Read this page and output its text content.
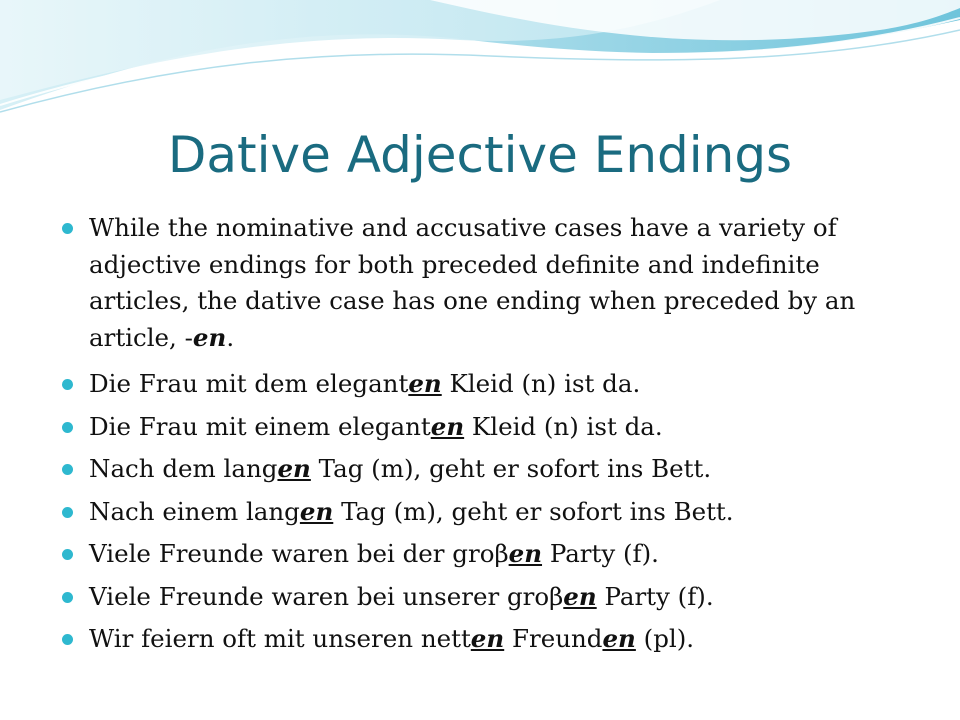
Dative Adjective Endings
While the nominative and accusative cases have a variety of adjective endings for both preceded definite and indefinite articles, the dative case has one ending when preceded by an article, -en.
Die Frau mit dem eleganten Kleid (n) ist da.
Die Frau mit einem eleganten Kleid (n) ist da.
Nach dem langen Tag (m), geht er sofort ins Bett.
Nach einem langen Tag (m), geht er sofort ins Bett.
Viele Freunde waren bei der groβen Party (f).
Viele Freunde waren bei unserer groβen Party (f).
Wir feiern oft mit unseren netten Freunden (pl).
